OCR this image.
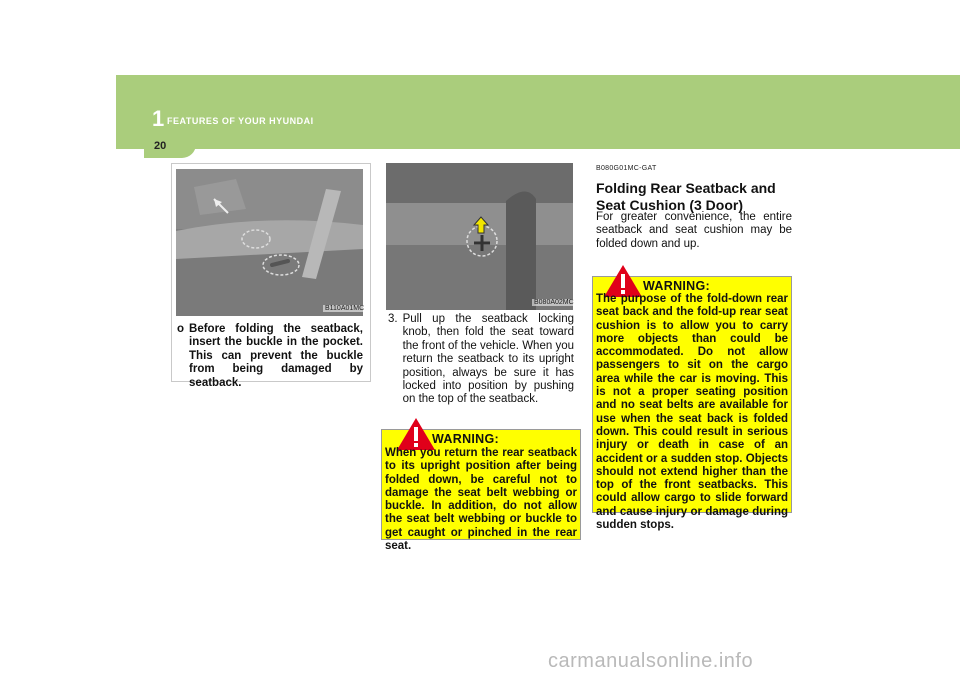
1 FEATURES OF YOUR HYUNDAI
20
B110A01MC
o Before folding the seatback, insert the buckle in the pocket. This can prevent the buckle from being damaged by seatback.
B080A02MC
3. Pull up the seatback locking knob, then fold the seat toward the front of the vehicle. When you return the seatback to its upright position, always be sure it has locked into position by pushing on the top of the seatback.
WARNING:
When you return the rear seatback to its upright position after being folded down, be careful not to damage the seat belt webbing or buckle. In addition, do not allow the seat belt webbing or buckle to get caught or pinched in the rear seat.
B080G01MC-GAT
Folding Rear Seatback and Seat Cushion (3 Door)
For greater convenience, the entire seatback and seat cushion may be folded down and up.
WARNING:
The purpose of the fold-down rear seat back and the fold-up rear seat cushion is to allow you to carry more objects than could be accommodated. Do not allow passengers to sit on the cargo area while the car is moving. This is not a proper seating position and no seat belts are available for use when the seat back is folded down. This could result in serious injury or death in case of an accident or a sudden stop. Objects should not extend higher than the top of the front seatbacks. This could allow cargo to slide forward and cause injury or damage during sudden stops.
carmanualsonline.info
